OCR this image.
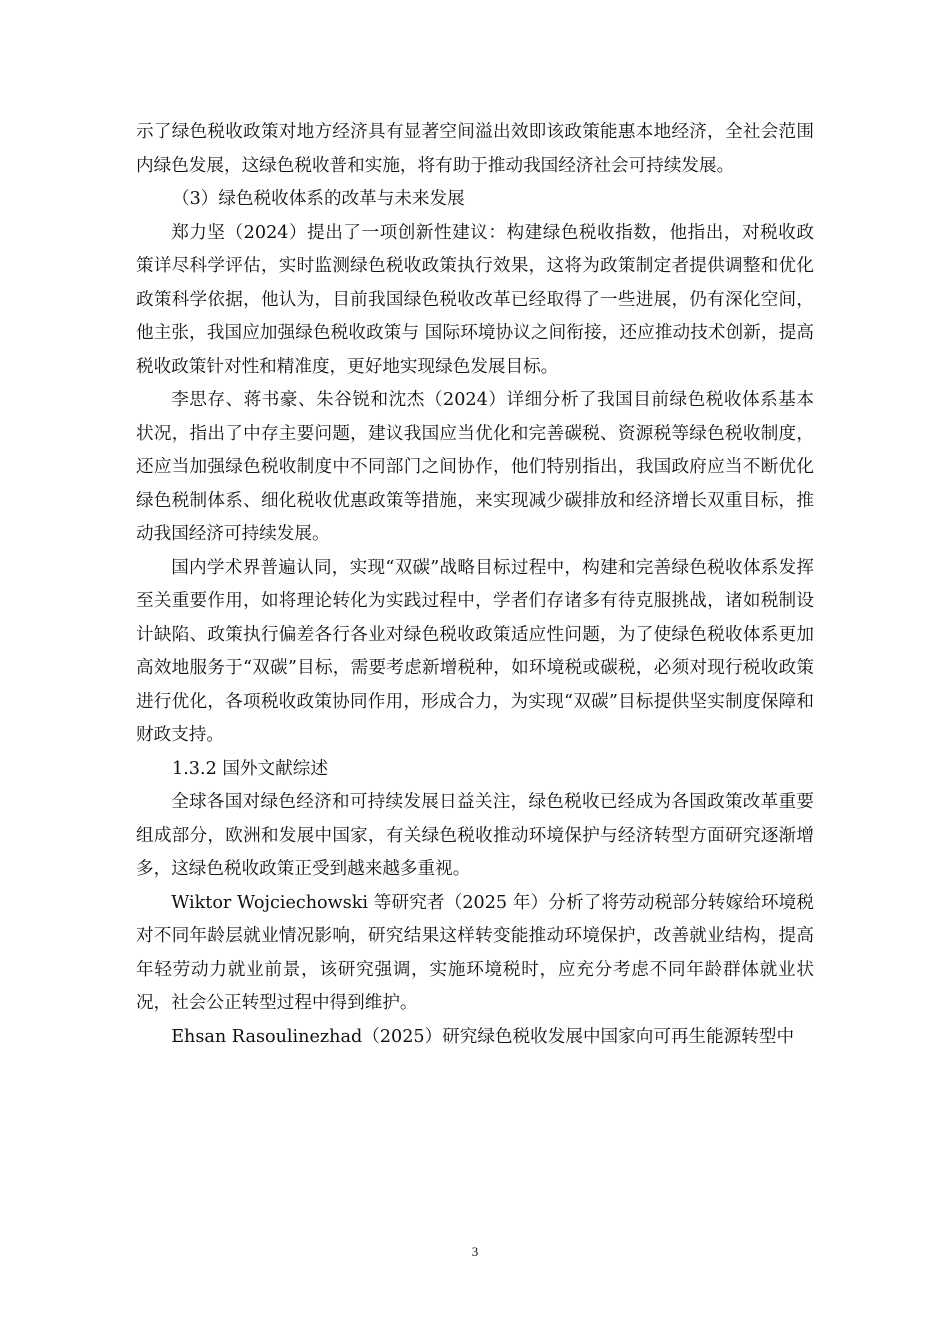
示了绿色税收政策对地方经济具有显著空间溢出效即该政策能惠本地经济，全社会范围内绿色发展，这绿色税收普和实施，将有助于推动我国经济社会可持续发展。

（3）绿色税收体系的改革与未来发展

郑力坚（2024）提出了一项创新性建议：构建绿色税收指数，他指出，对税收政策详尽科学评估，实时监测绿色税收政策执行效果，这将为政策制定者提供调整和优化政策科学依据，他认为，目前我国绿色税收改革已经取得了一些进展，仍有深化空间，他主张，我国应加强绿色税收政策与 国际环境协议之间衔接，还应推动技术创新，提高税收政策针对性和精准度，更好地实现绿色发展目标。

李思存、蒋书豪、朱谷锐和沈杰（2024）详细分析了我国目前绿色税收体系基本状况，指出了中存主要问题，建议我国应当优化和完善碳税、资源税等绿色税收制度，还应当加强绿色税收制度中不同部门之间协作，他们特别指出，我国政府应当不断优化绿色税制体系、细化税收优惠政策等措施，来实现减少碳排放和经济增长双重目标，推动我国经济可持续发展。

国内学术界普遍认同，实现“双碳”战略目标过程中，构建和完善绿色税收体系发挥至关重要作用，如将理论转化为实践过程中，学者们存诸多有待克服挑战，诸如税制设计缺陷、政策执行偏差各行各业对绿色税收政策适应性问题，为了使绿色税收体系更加高效地服务于“双碳”目标，需要考虑新增税种，如环境税或碳税，必须对现行税收政策进行优化，各项税收政策协同作用，形成合力，为实现“双碳”目标提供坚实制度保障和财政支持。

1.3.2 国外文献综述

全球各国对绿色经济和可持续发展日益关注，绿色税收已经成为各国政策改革重要组成部分，欧洲和发展中国家，有关绿色税收推动环境保护与经济转型方面研究逐渐增多，这绿色税收政策正受到越来越多重视。

Wiktor Wojciechowski 等研究者（2025 年）分析了将劳动税部分转嫁给环境税对不同年龄层就业情况影响，研究结果这样转变能推动环境保护，改善就业结构，提高年轻劳动力就业前景，该研究强调，实施环境税时，应充分考虑不同年龄群体就业状况，社会公正转型过程中得到维护。

Ehsan Rasoulinezhad（2025）研究绿色税收发展中国家向可再生能源转型中

3
